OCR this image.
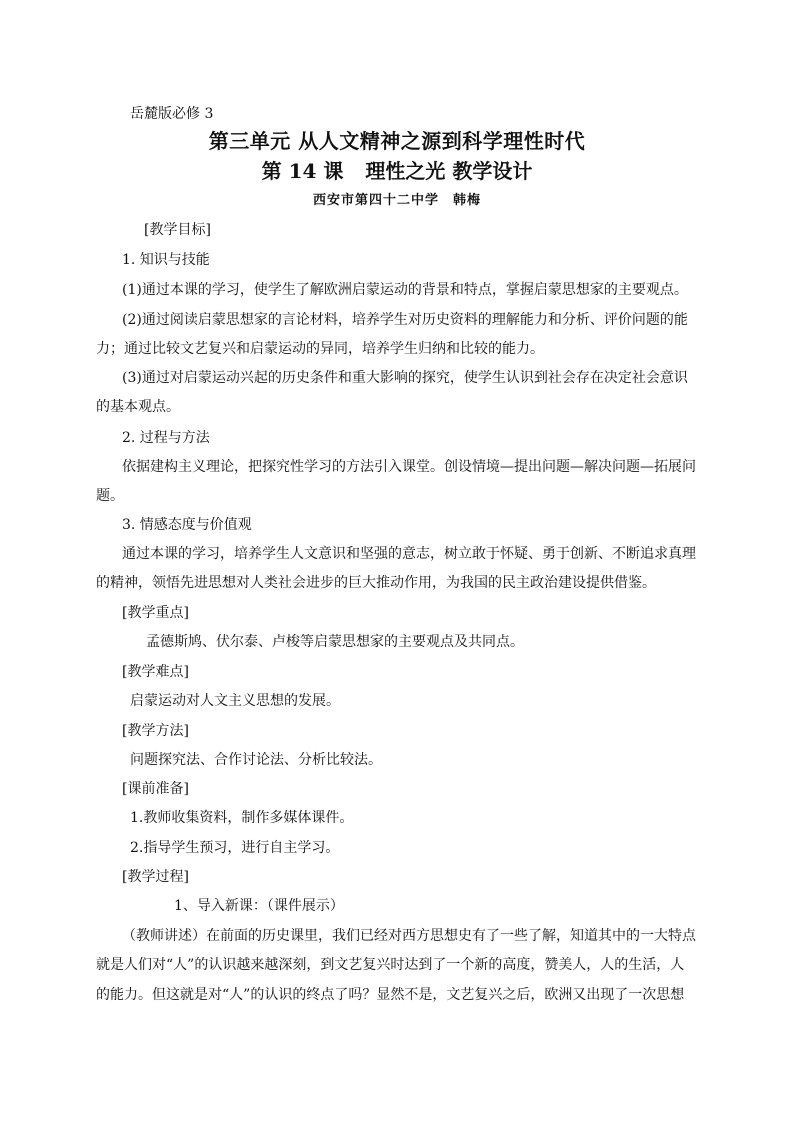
岳麓版必修 3
第三单元 从人文精神之源到科学理性时代
第 14 课 理性之光 教学设计
西安市第四十二中学 韩梅
[教学目标]
1. 知识与技能
(1)通过本课的学习，使学生了解欧洲启蒙运动的背景和特点，掌握启蒙思想家的主要观点。
(2)通过阅读启蒙思想家的言论材料，培养学生对历史资料的理解能力和分析、评价问题的能
力；通过比较文艺复兴和启蒙运动的异同，培养学生归纳和比较的能力。
(3)通过对启蒙运动兴起的历史条件和重大影响的探究，使学生认识到社会存在决定社会意识
的基本观点。
2. 过程与方法
依据建构主义理论，把探究性学习的方法引入课堂。创设情境—提出问题—解决问题—拓展问
题。
3. 情感态度与价值观
通过本课的学习，培养学生人文意识和坚强的意志，树立敢于怀疑、勇于创新、不断追求真理
的精神，领悟先进思想对人类社会进步的巨大推动作用，为我国的民主政治建设提供借鉴。
[教学重点]
孟德斯鸠、伏尔泰、卢梭等启蒙思想家的主要观点及共同点。
[教学难点]
启蒙运动对人文主义思想的发展。
[教学方法]
问题探究法、合作讨论法、分析比较法。
[课前准备]
1.教师收集资料，制作多媒体课件。
2.指导学生预习，进行自主学习。
[教学过程]
1、导入新课：（课件展示）
（教师讲述）在前面的历史课里，我们已经对西方思想史有了一些了解，知道其中的一大特点
就是人们对“人”的认识越来越深刻，到文艺复兴时达到了一个新的高度，赞美人，人的生活，人
的能力。但这就是对“人”的认识的终点了吗？显然不是，文艺复兴之后，欧洲又出现了一次思想
